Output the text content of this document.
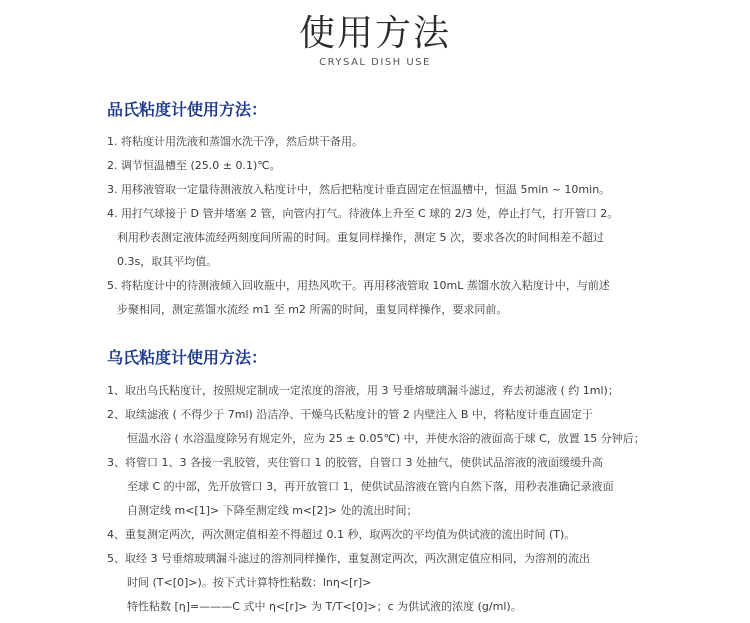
使用方法
CRYSAL DISH USE
品氏粘度计使用方法：
1. 将粘度计用洗液和蒸馏水洗干净，然后烘干备用。
2. 调节恒温槽至 (25.0 ± 0.1)℃。
3. 用移液管取一定量待测液放入粘度计中，然后把粘度计垂直固定在恒温槽中，恒温 5min ~ 10min。
4. 用打气球接于 D 管并堵塞 2 管，向管内打气。待液体上升至 C 球的 2/3 处，停止打气，打开管口 2。
利用秒表测定液体流经两刻度间所需的时间。重复同样操作，测定 5 次，要求各次的时间相差不超过
0.3s，取其平均值。
5. 将粘度计中的待测液倾入回收瓶中，用热风吹干。再用移液管取 10mL 蒸馏水放入粘度计中，与前述
步聚相同，测定蒸馏水流经 m1 至 m2 所需的时间，重复同样操作，要求同前。
乌氏粘度计使用方法：
1、取出乌氏粘度计，按照规定制成一定浓度的溶液，用 3 号垂熔玻璃漏斗滤过，弃去初滤液 ( 约 1ml)；
2、取续滤液 ( 不得少于 7ml) 沿洁净、干燥乌氏粘度计的管 2 内壁注入 B 中，将粘度计垂直固定于
恒温水浴 ( 水浴温度除另有规定外，应为 25 ± 0.05℃) 中，并使水浴的液面高于球 C，放置 15 分钟后；
3、将管口 1、3 各接一乳胶管，夹住管口 1 的胶管，自管口 3 处抽气，使供试品溶液的液面缓缓升高
至球 C 的中部，先开放管口 3，再开放管口 1，使供试品溶液在管内自然下落，用秒表准确记录液面
自测定线 m<[1]> 下降至测定线 m<[2]> 处的流出时间；
4、重复测定两次，两次测定值相差不得超过 0.1 秒，取两次的平均值为供试液的流出时间 (T)。
5、取经 3 号垂熔玻璃漏斗滤过的溶剂同样操作，重复测定两次，两次测定值应相同，为溶剂的流出
时间 (T<[0]>)。按下式计算特性粘数：lnη<[r]>
特性粘数 [η]=———C 式中 η<[r]> 为 T/T<[0]>；c 为供试液的浓度 (g/ml)。
